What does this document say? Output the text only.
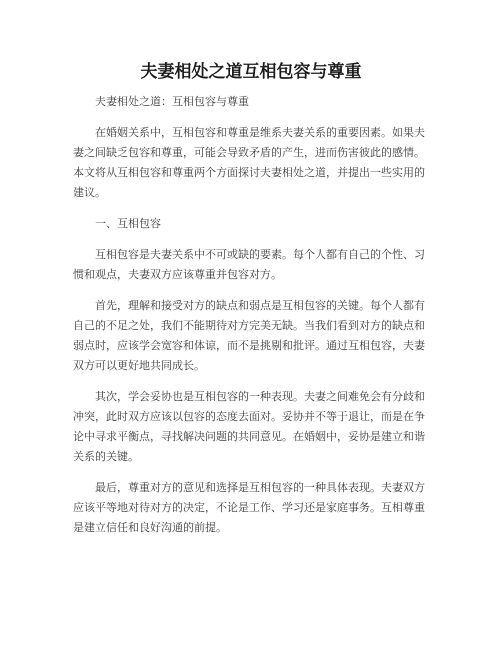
夫妻相处之道互相包容与尊重

夫妻相处之道：互相包容与尊重

在婚姻关系中，互相包容和尊重是维系夫妻关系的重要因素。如果夫妻之间缺乏包容和尊重，可能会导致矛盾的产生，进而伤害彼此的感情。本文将从互相包容和尊重两个方面探讨夫妻相处之道，并提出一些实用的建议。

一、互相包容

互相包容是夫妻关系中不可或缺的要素。每个人都有自己的个性、习惯和观点，夫妻双方应该尊重并包容对方。

首先，理解和接受对方的缺点和弱点是互相包容的关键。每个人都有自己的不足之处，我们不能期待对方完美无缺。当我们看到对方的缺点和弱点时，应该学会宽容和体谅，而不是挑剔和批评。通过互相包容，夫妻双方可以更好地共同成长。

其次，学会妥协也是互相包容的一种表现。夫妻之间难免会有分歧和冲突，此时双方应该以包容的态度去面对。妥协并不等于退让，而是在争论中寻求平衡点，寻找解决问题的共同意见。在婚姻中，妥协是建立和谐关系的关键。

最后，尊重对方的意见和选择是互相包容的一种具体表现。夫妻双方应该平等地对待对方的决定，不论是工作、学习还是家庭事务。互相尊重是建立信任和良好沟通的前提。
